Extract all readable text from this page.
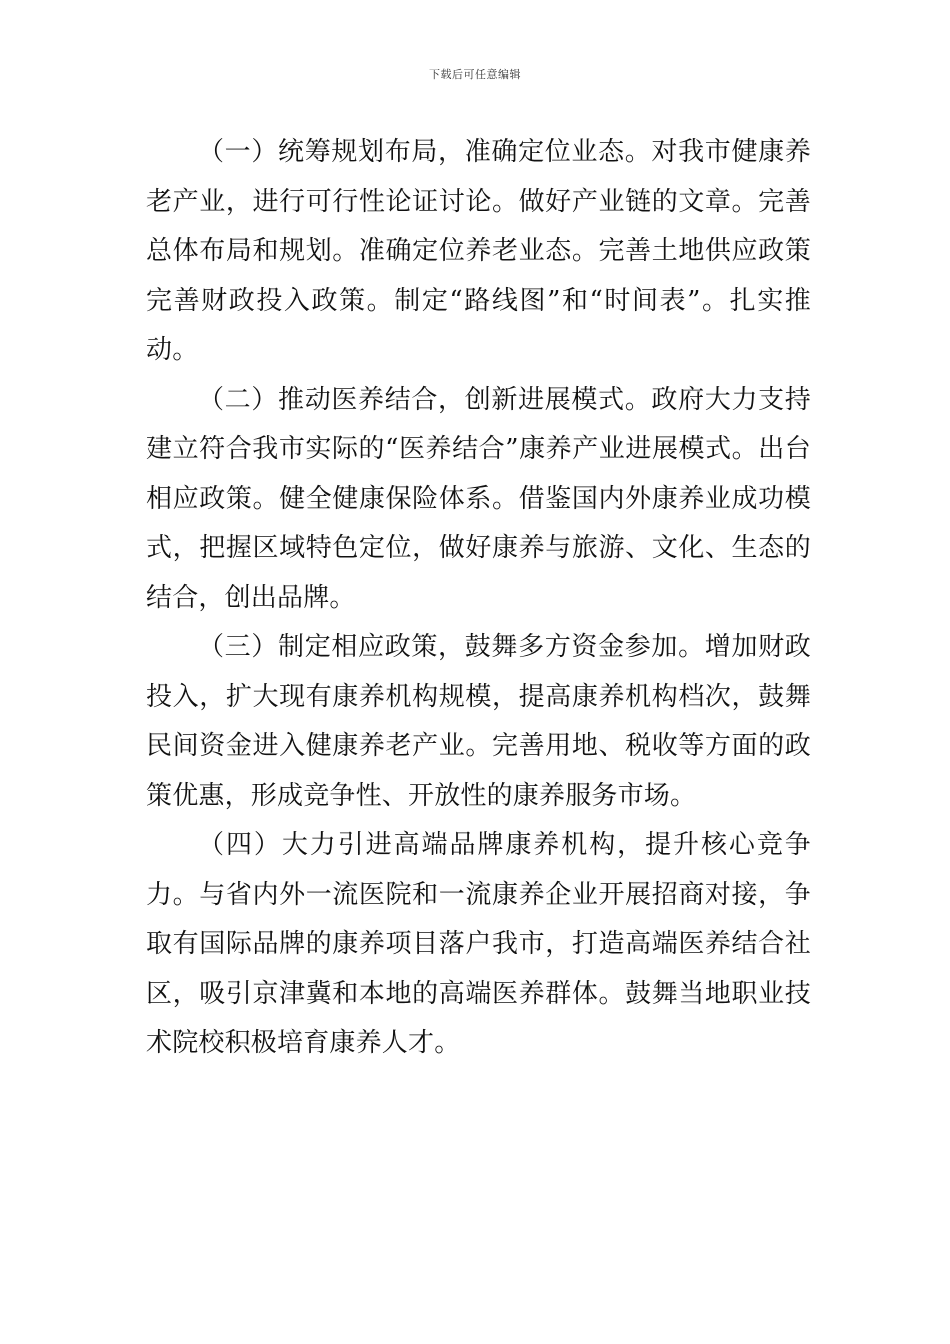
下载后可任意编辑

（一）统筹规划布局，准确定位业态。对我市健康养老产业，进行可行性论证讨论。做好产业链的文章。完善总体布局和规划。准确定位养老业态。完善土地供应政策完善财政投入政策。制定“路线图”和“时间表”。扎实推动。

（二）推动医养结合，创新进展模式。政府大力支持建立符合我市实际的“医养结合”康养产业进展模式。出台相应政策。健全健康保险体系。借鉴国内外康养业成功模式，把握区域特色定位，做好康养与旅游、文化、生态的结合，创出品牌。

（三）制定相应政策，鼓舞多方资金参加。增加财政投入，扩大现有康养机构规模，提高康养机构档次，鼓舞民间资金进入健康养老产业。完善用地、税收等方面的政策优惠，形成竞争性、开放性的康养服务市场。

（四）大力引进高端品牌康养机构，提升核心竞争力。与省内外一流医院和一流康养企业开展招商对接，争取有国际品牌的康养项目落户我市，打造高端医养结合社区，吸引京津冀和本地的高端医养群体。鼓舞当地职业技术院校积极培育康养人才。
